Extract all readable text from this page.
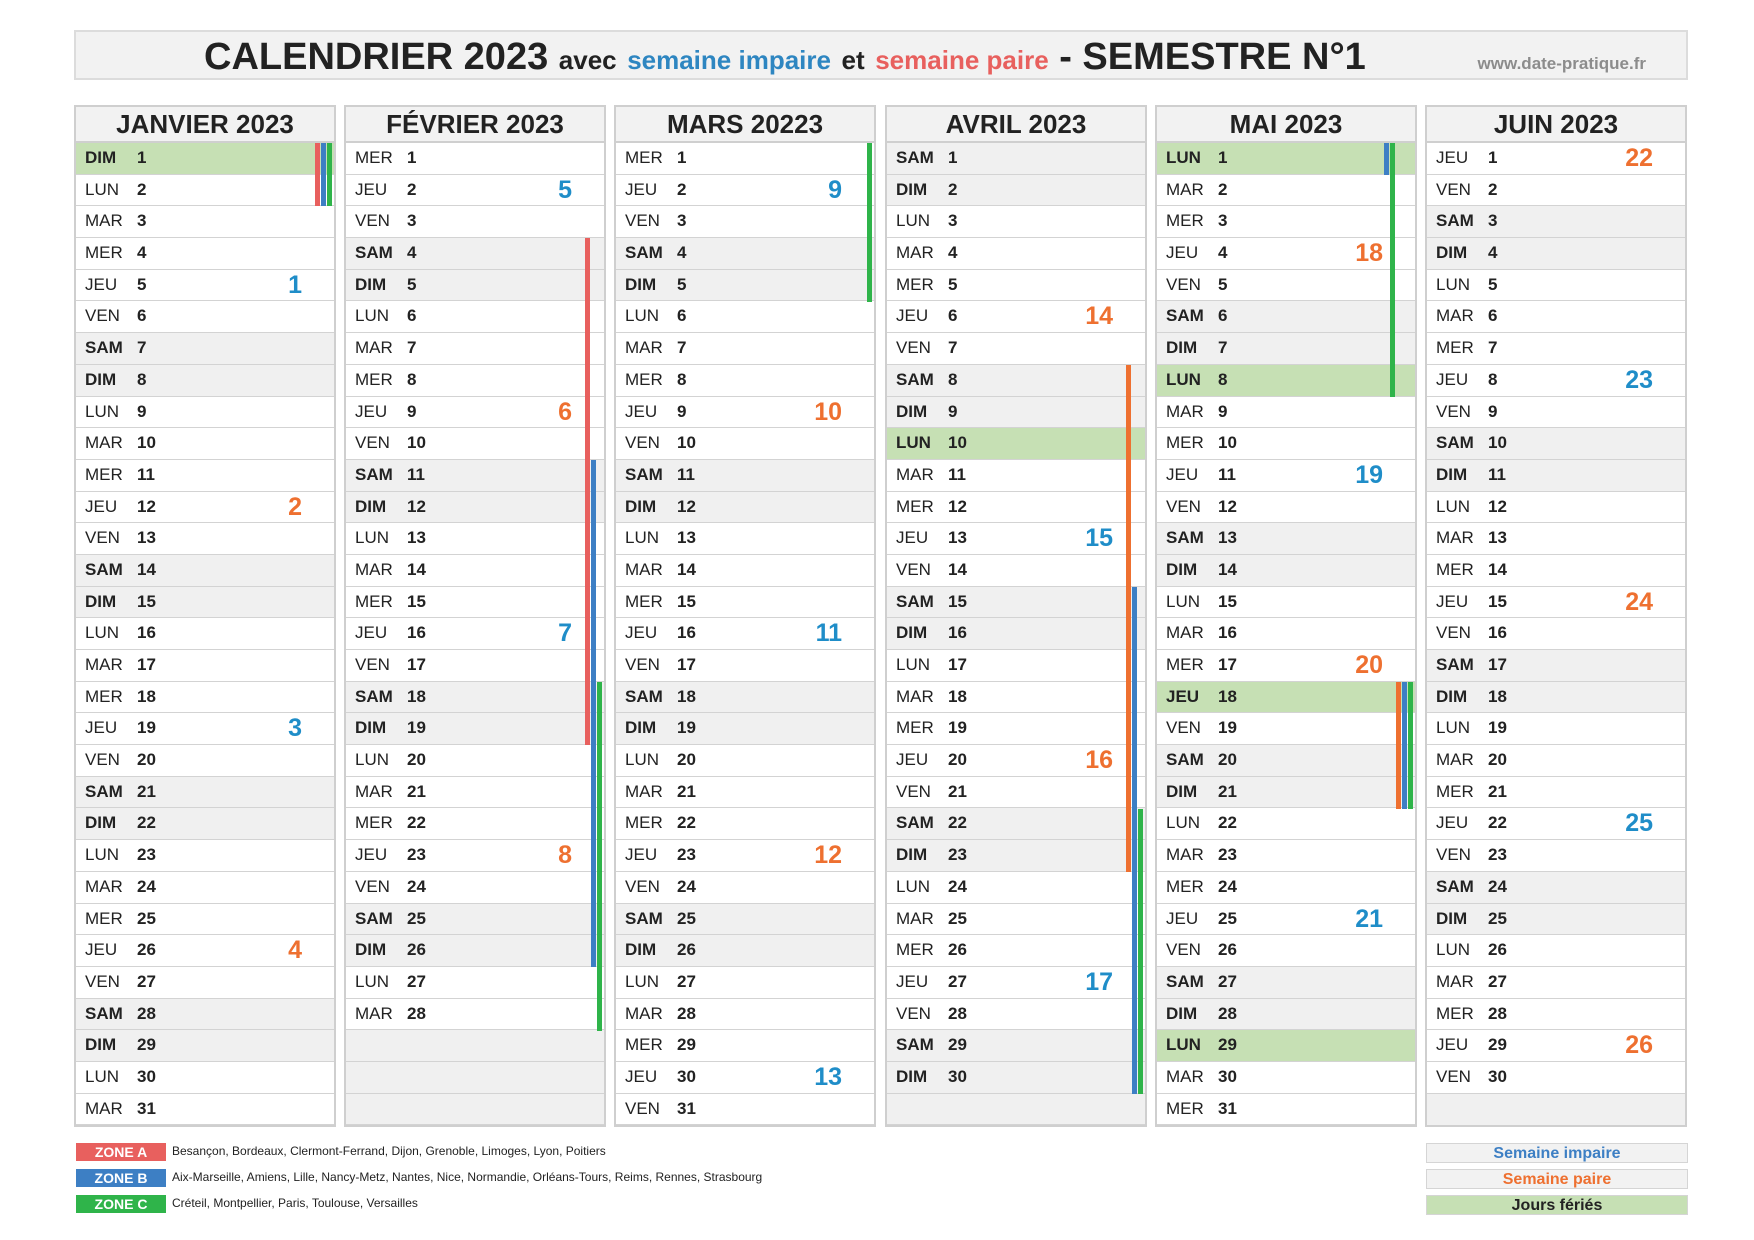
CALENDRIER 2023 avec semaine impaire et semaine paire - SEMESTRE N°1	www.date-pratique.fr
JANVIER 2023
DIM 1
LUN 2
MAR 3
MER 4
JEU 5	1
VEN 6
SAM 7
DIM 8
LUN 9
MAR 10
MER 11
JEU 12	2
VEN 13
SAM 14
DIM 15
LUN 16
MAR 17
MER 18
JEU 19	3
VEN 20
SAM 21
DIM 22
LUN 23
MAR 24
MER 25
JEU 26	4
VEN 27
SAM 28
DIM 29
LUN 30
MAR 31
FÉVRIER 2023
MER 1
JEU 2	5
VEN 3
SAM 4
DIM 5
LUN 6
MAR 7
MER 8
JEU 9	6
VEN 10
SAM 11
DIM 12
LUN 13
MAR 14
MER 15
JEU 16	7
VEN 17
SAM 18
DIM 19
LUN 20
MAR 21
MER 22
JEU 23	8
VEN 24
SAM 25
DIM 26
LUN 27
MAR 28
MARS 20223
MER 1
JEU 2	9
VEN 3
SAM 4
DIM 5
LUN 6
MAR 7
MER 8
JEU 9	10
VEN 10
SAM 11
DIM 12
LUN 13
MAR 14
MER 15
JEU 16	11
VEN 17
SAM 18
DIM 19
LUN 20
MAR 21
MER 22
JEU 23	12
VEN 24
SAM 25
DIM 26
LUN 27
MAR 28
MER 29
JEU 30	13
VEN 31
AVRIL 2023
SAM 1
DIM 2
LUN 3
MAR 4
MER 5
JEU 6	14
VEN 7
SAM 8
DIM 9
LUN 10
MAR 11
MER 12
JEU 13	15
VEN 14
SAM 15
DIM 16
LUN 17
MAR 18
MER 19
JEU 20	16
VEN 21
SAM 22
DIM 23
LUN 24
MAR 25
MER 26
JEU 27	17
VEN 28
SAM 29
DIM 30
MAI 2023
LUN 1
MAR 2
MER 3
JEU 4	18
VEN 5
SAM 6
DIM 7
LUN 8
MAR 9
MER 10
JEU 11	19
VEN 12
SAM 13
DIM 14
LUN 15
MAR 16
MER 17	20
JEU 18
VEN 19
SAM 20
DIM 21
LUN 22
MAR 23
MER 24
JEU 25	21
VEN 26
SAM 27
DIM 28
LUN 29
MAR 30
MER 31
JUIN 2023
JEU 1	22
VEN 2
SAM 3
DIM 4
LUN 5
MAR 6
MER 7
JEU 8	23
VEN 9
SAM 10
DIM 11
LUN 12
MAR 13
MER 14
JEU 15	24
VEN 16
SAM 17
DIM 18
LUN 19
MAR 20
MER 21
JEU 22	25
VEN 23
SAM 24
DIM 25
LUN 26
MAR 27
MER 28
JEU 29	26
VEN 30
ZONE A	Besançon, Bordeaux, Clermont-Ferrand, Dijon, Grenoble, Limoges, Lyon, Poitiers
ZONE B	Aix-Marseille, Amiens, Lille, Nancy-Metz, Nantes, Nice, Normandie, Orléans-Tours, Reims, Rennes, Strasbourg
ZONE C	Créteil, Montpellier, Paris, Toulouse, Versailles
Semaine impaire
Semaine paire
Jours fériés
